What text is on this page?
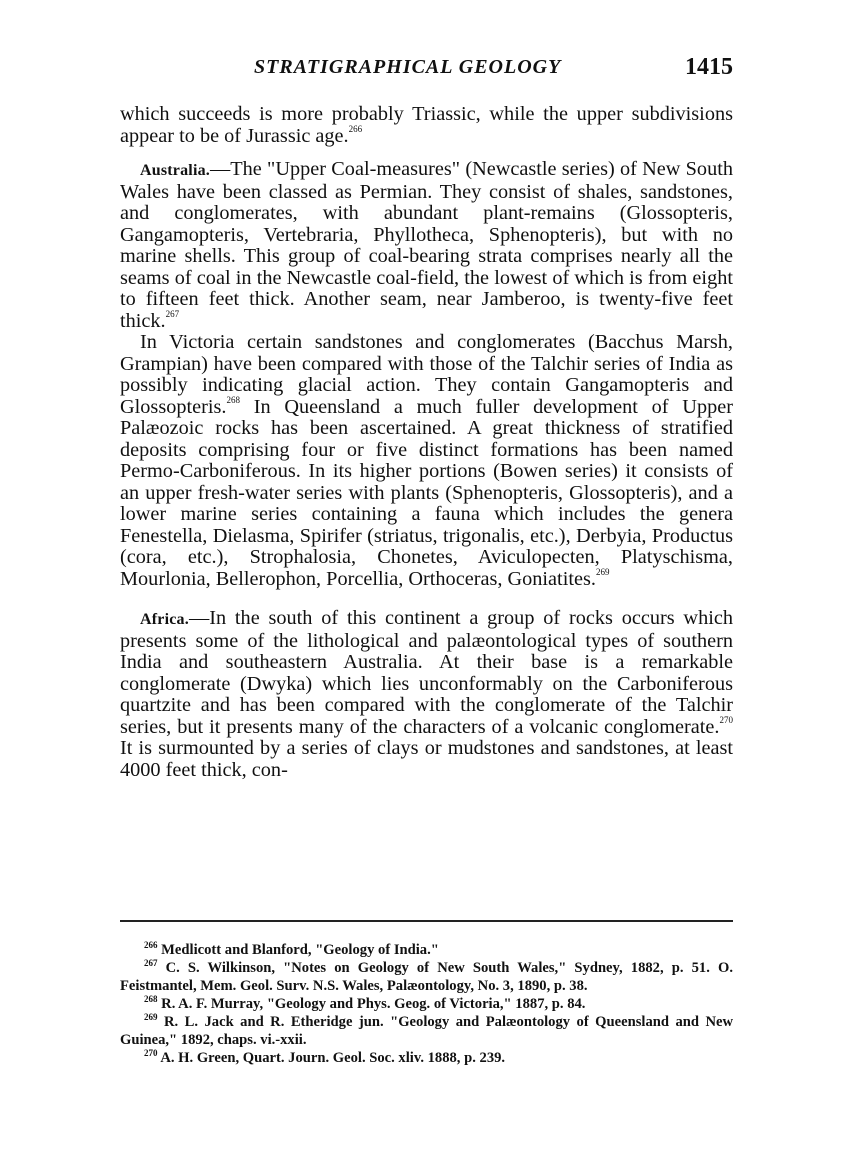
STRATIGRAPHICAL GEOLOGY	1415

which succeeds is more probably Triassic, while the upper subdivisions appear to be of Jurassic age.$^{266}$

Australia.—The "Upper Coal-measures" (Newcastle series) of New South Wales have been classed as Permian. They consist of shales, sandstones, and conglomerates, with abundant plant-remains (Glossopteris, Gangamopteris, Vertebraria, Phyllotheca, Sphenopteris), but with no marine shells. This group of coal-bearing strata comprises nearly all the seams of coal in the Newcastle coal-field, the lowest of which is from eight to fifteen feet thick. Another seam, near Jamberoo, is twenty-five feet thick.$^{267}$

In Victoria certain sandstones and conglomerates (Bacchus Marsh, Grampian) have been compared with those of the Talchir series of India as possibly indicating glacial action. They contain Gangamopteris and Glossopteris.$^{268}$ In Queensland a much fuller development of Upper Palæozoic rocks has been ascertained. A great thickness of stratified deposits comprising four or five distinct formations has been named Permo-Carboniferous. In its higher portions (Bowen series) it consists of an upper fresh-water series with plants (Sphenopteris, Glossopteris), and a lower marine series containing a fauna which includes the genera Fenestella, Dielasma, Spirifer (striatus, trigonalis, etc.), Derbyia, Productus (cora, etc.), Strophalosia, Chonetes, Aviculopecten, Platyschisma, Mourlonia, Bellerophon, Porcellia, Orthoceras, Goniatites.$^{269}$

Africa.—In the south of this continent a group of rocks occurs which presents some of the lithological and palæontological types of southern India and southeastern Australia. At their base is a remarkable conglomerate (Dwyka) which lies unconformably on the Carboniferous quartzite and has been compared with the conglomerate of the Talchir series, but it presents many of the characters of a volcanic conglomerate.$^{270}$ It is surmounted by a series of clays or mudstones and sandstones, at least 4000 feet thick, con-

$^{266}$ Medlicott and Blanford, "Geology of India."

$^{267}$ C. S. Wilkinson, "Notes on Geology of New South Wales," Sydney, 1882, p. 51. O. Feistmantel, Mem. Geol. Surv. N.S. Wales, Palæontology, No. 3, 1890, p. 38.

$^{268}$ R. A. F. Murray, "Geology and Phys. Geog. of Victoria," 1887, p. 84.

$^{269}$ R. L. Jack and R. Etheridge jun. "Geology and Palæontology of Queensland and New Guinea," 1892, chaps. vi.-xxii.

$^{270}$ A. H. Green, Quart. Journ. Geol. Soc. xliv. 1888, p. 239.
